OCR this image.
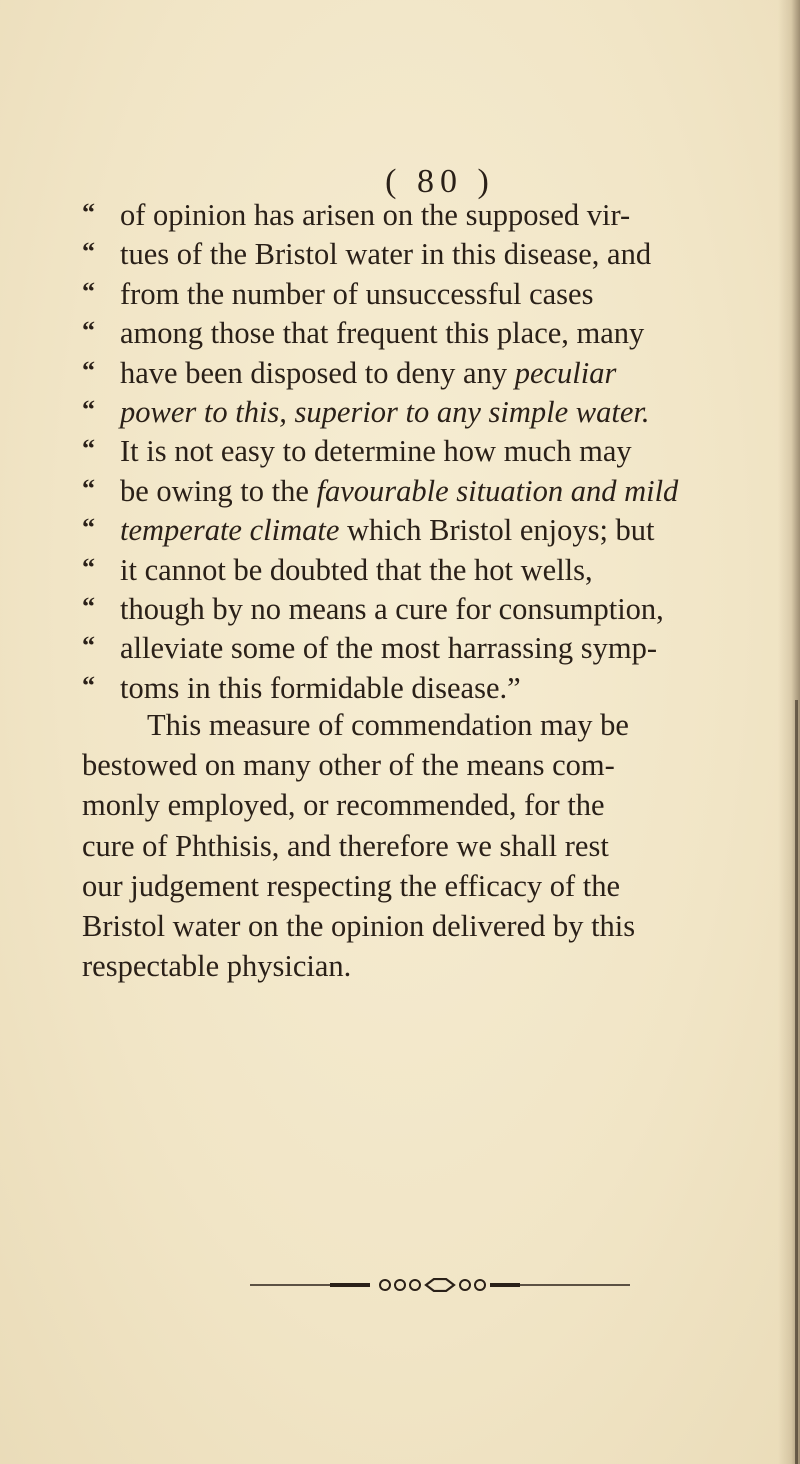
( 80 )
“ of opinion has arisen on the supposed vir-
“ tues of the Bristol water in this disease, and
“ from the number of unsuccessful cases
“ among those that frequent this place, many
“ have been disposed to deny any peculiar
“ power to this, superior to any simple water.
“ It is not easy to determine how much may
“ be owing to the favourable situation and mild
“ temperate climate which Bristol enjoys; but
“ it cannot be doubted that the hot wells,
“ though by no means a cure for consumption,
“ alleviate some of the most harrassing symp-
“ toms in this formidable disease.”
This measure of commendation may be
bestowed on many other of the means com-
monly employed, or recommended, for the
cure of Phthisis, and therefore we shall rest
our judgement respecting the efficacy of the
Bristol water on the opinion delivered by this
respectable physician.
